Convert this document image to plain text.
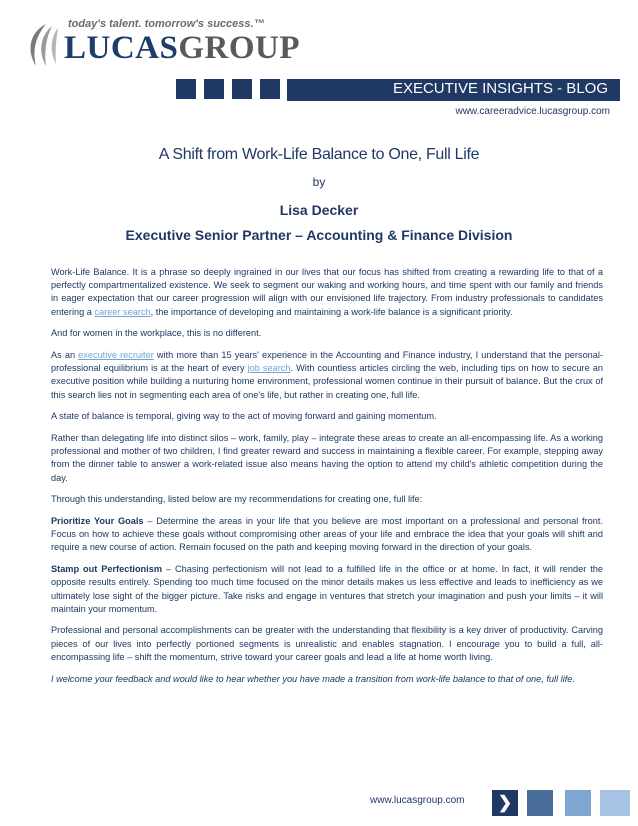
today's talent. tomorrow's success.™
LUCASGROUP
EXECUTIVE INSIGHTS - BLOG
www.careeradvice.lucasgroup.com
A Shift from Work-Life Balance to One, Full Life
by
Lisa Decker
Executive Senior Partner – Accounting & Finance Division

Work-Life Balance. It is a phrase so deeply ingrained in our lives that our focus has shifted from creating a rewarding life to that of a perfectly compartmentalized existence. We seek to segment our waking and working hours, and time spent with our family and friends in eager expectation that our career progression will align with our envisioned life trajectory. From industry professionals to candidates entering a career search, the importance of developing and maintaining a work-life balance is a significant priority.

And for women in the workplace, this is no different.

As an executive recruiter with more than 15 years' experience in the Accounting and Finance industry, I understand that the personal-professional equilibrium is at the heart of every job search. With countless articles circling the web, including tips on how to secure an executive position while building a nurturing home environment, professional women continue in their pursuit of balance. But the crux of this search lies not in segmenting each area of one's life, but rather in creating one, full life.

A state of balance is temporal, giving way to the act of moving forward and gaining momentum.

Rather than delegating life into distinct silos – work, family, play – integrate these areas to create an all-encompassing life. As a working professional and mother of two children, I find greater reward and success in maintaining a flexible career. For example, stepping away from the dinner table to answer a work-related issue also means having the option to attend my child's athletic competition during the day.

Through this understanding, listed below are my recommendations for creating one, full life:

Prioritize Your Goals – Determine the areas in your life that you believe are most important on a professional and personal front. Focus on how to achieve these goals without compromising other areas of your life and embrace the idea that your goals will shift and require a new course of action. Remain focused on the path and keeping moving forward in the direction of your goals.

Stamp out Perfectionism – Chasing perfectionism will not lead to a fulfilled life in the office or at home. In fact, it will render the opposite results entirely. Spending too much time focused on the minor details makes us less effective and leads to inefficiency as we ultimately lose sight of the bigger picture. Take risks and engage in ventures that stretch your imagination and push your limits – it will maintain your momentum.

Professional and personal accomplishments can be greater with the understanding that flexibility is a key driver of productivity. Carving pieces of our lives into perfectly portioned segments is unrealistic and enables stagnation. I encourage you to build a full, all-encompassing life – shift the momentum, strive toward your career goals and lead a life at home worth living.

I welcome your feedback and would like to hear whether you have made a transition from work-life balance to that of one, full life.

www.lucasgroup.com	❯
